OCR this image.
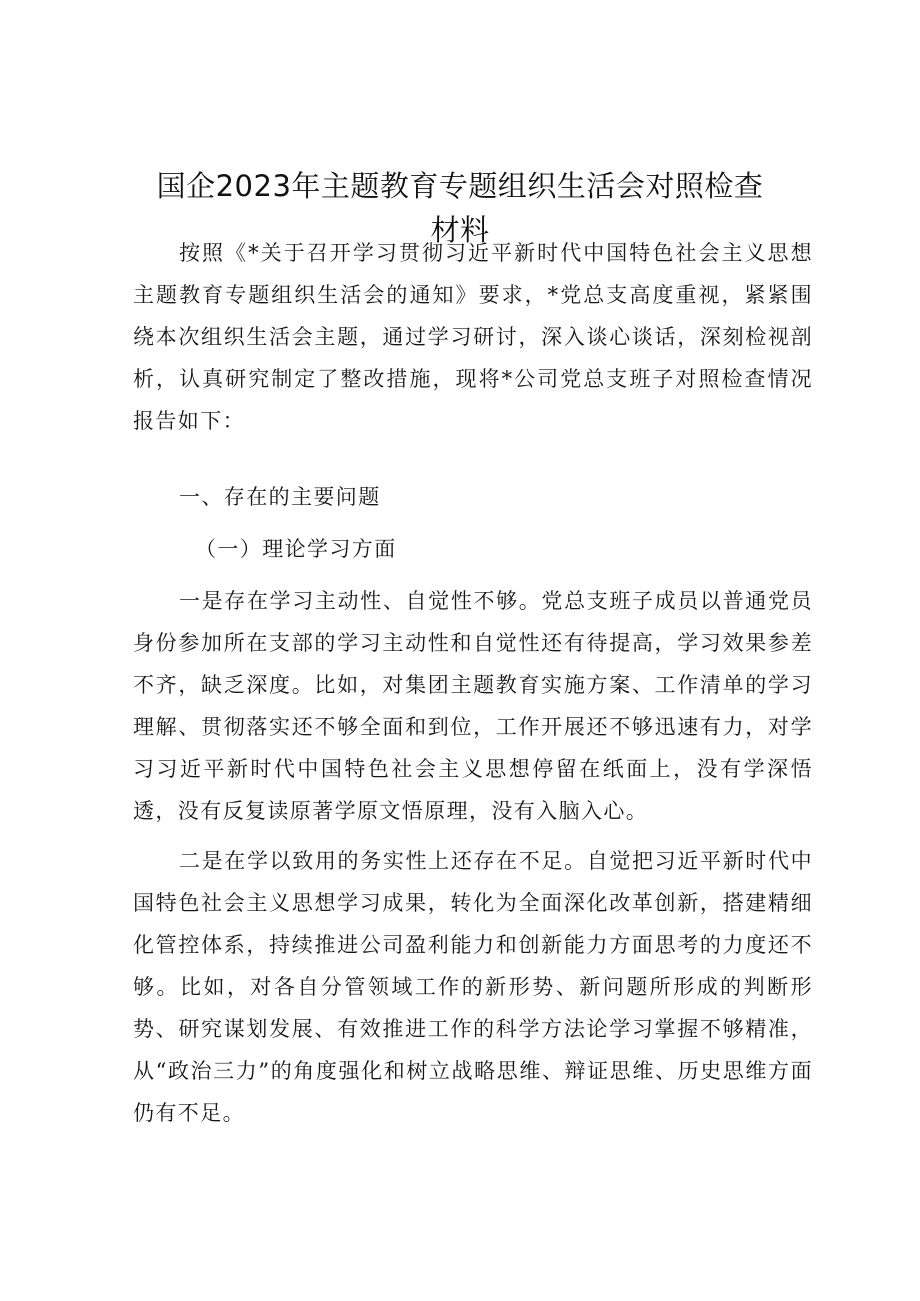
国企2023年主题教育专题组织生活会对照检查
材料

按照《*关于召开学习贯彻习近平新时代中国特色社会主义思想主题教育专题组织生活会的通知》要求，*党总支高度重视，紧紧围绕本次组织生活会主题，通过学习研讨，深入谈心谈话，深刻检视剖析，认真研究制定了整改措施，现将*公司党总支班子对照检查情况报告如下：

一、存在的主要问题

（一）理论学习方面

一是存在学习主动性、自觉性不够。党总支班子成员以普通党员身份参加所在支部的学习主动性和自觉性还有待提高，学习效果参差不齐，缺乏深度。比如，对集团主题教育实施方案、工作清单的学习理解、贯彻落实还不够全面和到位，工作开展还不够迅速有力，对学习习近平新时代中国特色社会主义思想停留在纸面上，没有学深悟透，没有反复读原著学原文悟原理，没有入脑入心。

二是在学以致用的务实性上还存在不足。自觉把习近平新时代中国特色社会主义思想学习成果，转化为全面深化改革创新，搭建精细化管控体系，持续推进公司盈利能力和创新能力方面思考的力度还不够。比如，对各自分管领域工作的新形势、新问题所形成的判断形势、研究谋划发展、有效推进工作的科学方法论学习掌握不够精准，从“政治三力”的角度强化和树立战略思维、辩证思维、历史思维方面仍有不足。
